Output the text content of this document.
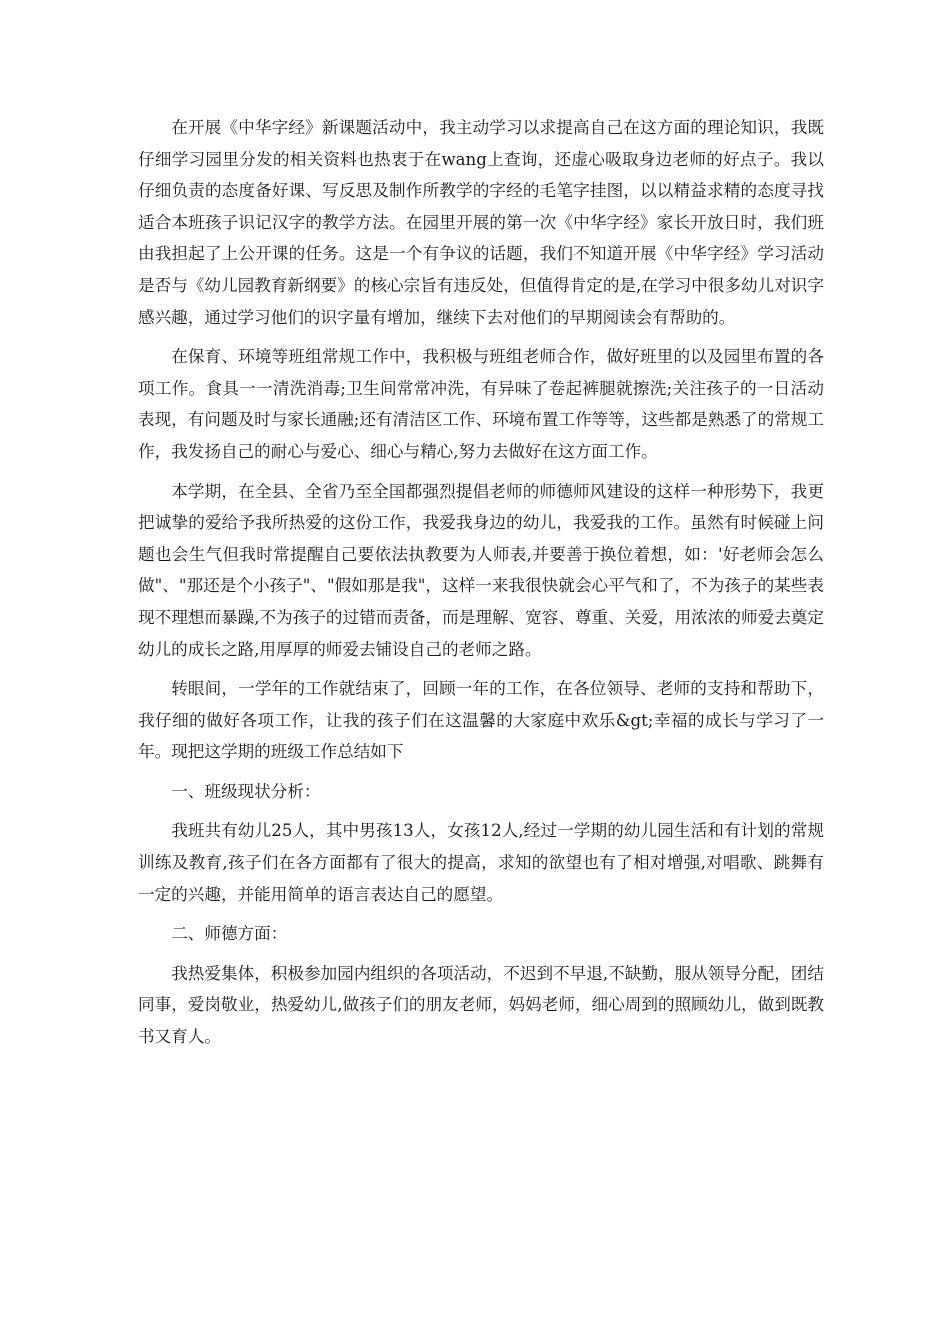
在开展《中华字经》新课题活动中，我主动学习以求提高自己在这方面的理论知识，我既仔细学习园里分发的相关资料也热衷于在wang上查询，还虚心吸取身边老师的好点子。我以仔细负责的态度备好课、写反思及制作所教学的字经的毛笔字挂图，以以精益求精的态度寻找适合本班孩子识记汉字的教学方法。在园里开展的第一次《中华字经》家长开放日时，我们班由我担起了上公开课的任务。这是一个有争议的话题，我们不知道开展《中华字经》学习活动是否与《幼儿园教育新纲要》的核心宗旨有违反处，但值得肯定的是,在学习中很多幼儿对识字感兴趣，通过学习他们的识字量有增加，继续下去对他们的早期阅读会有帮助的。

在保育、环境等班组常规工作中，我积极与班组老师合作，做好班里的以及园里布置的各项工作。食具一一清洗消毒;卫生间常常冲洗，有异味了卷起裤腿就擦洗;关注孩子的一日活动表现，有问题及时与家长通融;还有清洁区工作、环境布置工作等等，这些都是熟悉了的常规工作，我发扬自己的耐心与爱心、细心与精心,努力去做好在这方面工作。

本学期，在全县、全省乃至全国都强烈提倡老师的师德师风建设的这样一种形势下，我更把诚挚的爱给予我所热爱的这份工作，我爱我身边的幼儿，我爱我的工作。虽然有时候碰上问题也会生气但我时常提醒自己要依法执教要为人师表,并要善于换位着想，如：'好老师会怎么做"、"那还是个小孩子"、"假如那是我"，这样一来我很快就会心平气和了，不为孩子的某些表现不理想而暴躁,不为孩子的过错而责备，而是理解、宽容、尊重、关爱，用浓浓的师爱去奠定幼儿的成长之路,用厚厚的师爱去铺设自己的老师之路。

转眼间，一学年的工作就结束了，回顾一年的工作，在各位领导、老师的支持和帮助下，我仔细的做好各项工作，让我的孩子们在这温馨的大家庭中欢乐&gt;幸福的成长与学习了一年。现把这学期的班级工作总结如下

一、班级现状分析：

我班共有幼儿25人，其中男孩13人，女孩12人,经过一学期的幼儿园生活和有计划的常规训练及教育,孩子们在各方面都有了很大的提高，求知的欲望也有了相对增强,对唱歌、跳舞有一定的兴趣，并能用简单的语言表达自己的愿望。

二、师德方面：

我热爱集体，积极参加园内组织的各项活动，不迟到不早退,不缺勤，服从领导分配，团结同事，爱岗敬业，热爱幼儿,做孩子们的朋友老师，妈妈老师，细心周到的照顾幼儿，做到既教书又育人。
